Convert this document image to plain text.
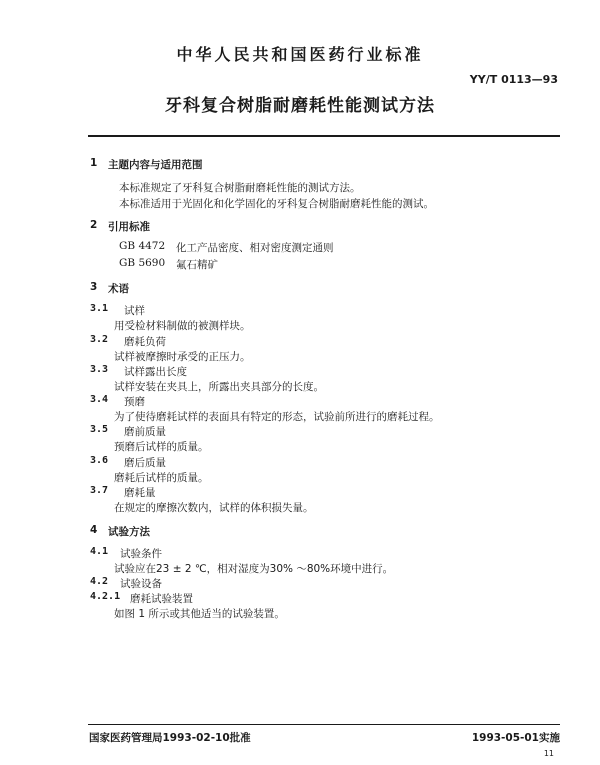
中华人民共和国医药行业标准
YY/T 0113—93
牙科复合树脂耐磨耗性能测试方法
1 主题内容与适用范围
本标准规定了牙科复合树脂耐磨耗性能的测试方法。
本标准适用于光固化和化学固化的牙科复合树脂耐磨耗性能的测试。
2 引用标准
GB 4472 化工产品密度、相对密度测定通则
GB 5690 氟石精矿
3 术语
3.1 试样
用受检材料制做的被测样块。
3.2 磨耗负荷
试样被摩擦时承受的正压力。
3.3 试样露出长度
试样安装在夹具上，所露出夹具部分的长度。
3.4 预磨
为了使待磨耗试样的表面具有特定的形态，试验前所进行的磨耗过程。
3.5 磨前质量
预磨后试样的质量。
3.6 磨后质量
磨耗后试样的质量。
3.7 磨耗量
在规定的摩擦次数内，试样的体积损失量。
4 试验方法
4.1 试验条件
试验应在23 ± 2 ℃，相对湿度为30% ～80%环境中进行。
4.2 试验设备
4.2.1 磨耗试验装置
如图 1 所示或其他适当的试验装置。
国家医药管理局1993-02-10批准	1993-05-01实施
11
